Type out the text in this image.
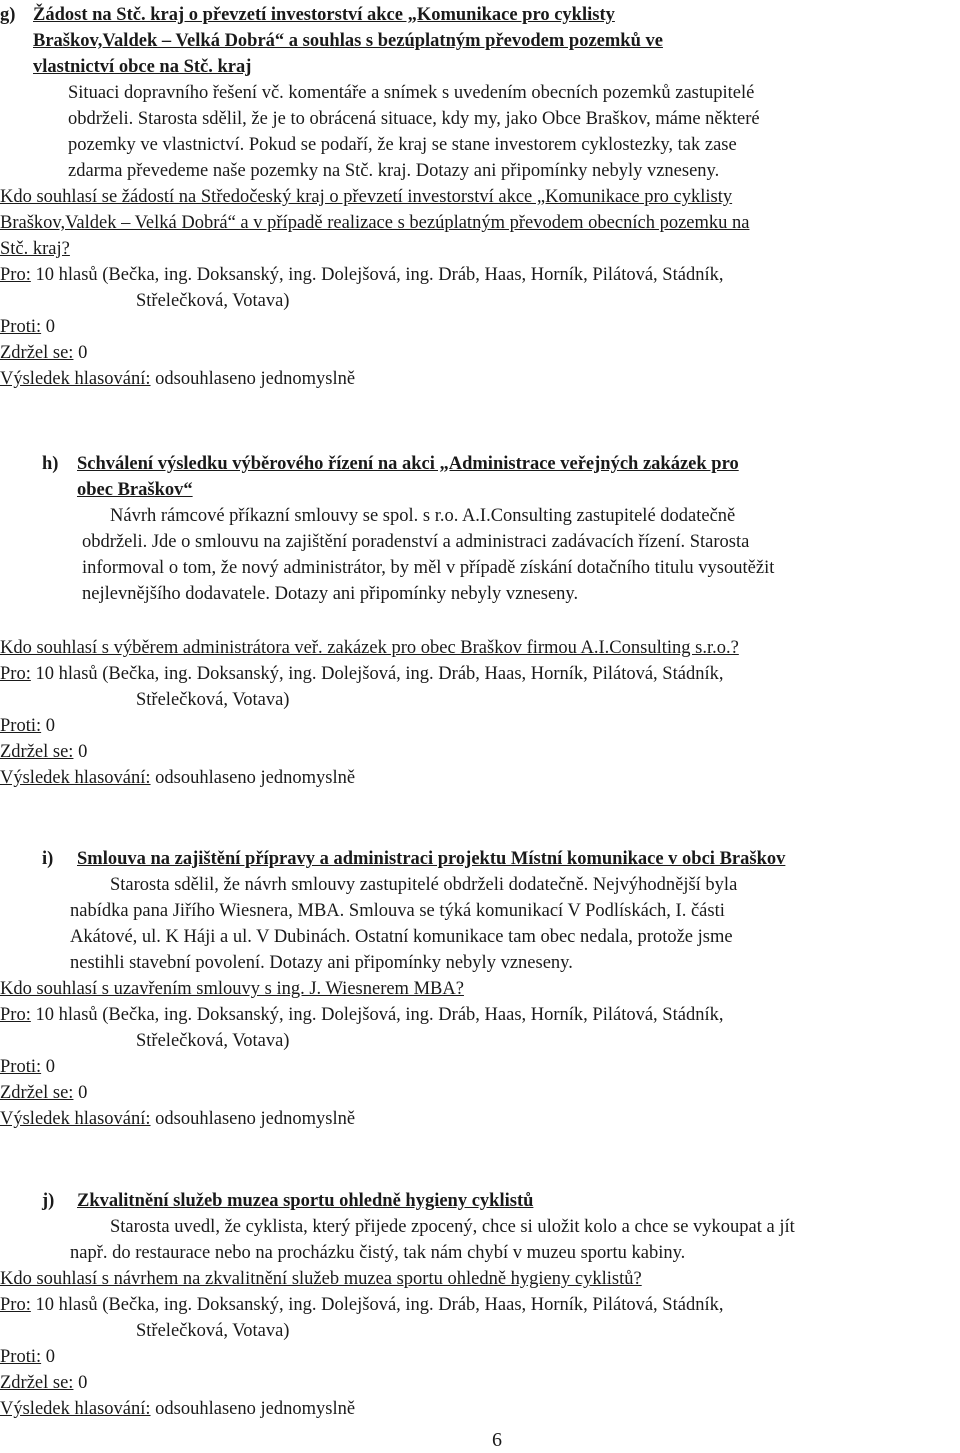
g) Žádost na Stč. kraj o převzetí investorství akce „Komunikace pro cyklisty
Braškov,Valdek – Velká Dobrá“ a souhlas s bezúplatným převodem pozemků ve
vlastnictví obce na Stč. kraj
Situaci dopravního řešení vč. komentáře a snímek s uvedením obecních pozemků zastupitelé
obdrželi. Starosta sdělil, že je to obrácená situace, kdy my, jako Obce Braškov, máme některé
pozemky ve vlastnictví. Pokud se podaří, že kraj se stane investorem cyklostezky, tak zase
zdarma převedeme naše pozemky na Stč. kraj. Dotazy ani připomínky nebyly vzneseny.
Kdo souhlasí se žádostí na Středočeský kraj o převzetí investorství akce „Komunikace pro cyklisty
Braškov,Valdek – Velká Dobrá“ a v případě realizace s bezúplatným převodem obecních pozemku na
Stč. kraj?
Pro: 10 hlasů (Bečka, ing. Doksanský, ing. Dolejšová, ing. Dráb, Haas, Horník, Pilátová, Stádník,
Střelečková, Votava)
Proti: 0
Zdržel se: 0
Výsledek hlasování: odsouhlaseno jednomyslně
h) Schválení výsledku výběrového řízení na akci „Administrace veřejných zakázek pro
obec Braškov“
Návrh rámcové příkazní smlouvy se spol. s r.o. A.I.Consulting zastupitelé dodatečně
obdrželi. Jde o smlouvu na zajištění poradenství a administraci zadávacích řízení. Starosta
informoval o tom, že nový administrátor, by měl v případě získání dotačního titulu vysoutěžit
nejlevnějšího dodavatele. Dotazy ani připomínky nebyly vzneseny.
Kdo souhlasí s výběrem administrátora veř. zakázek pro obec Braškov firmou A.I.Consulting s.r.o.?
Pro: 10 hlasů (Bečka, ing. Doksanský, ing. Dolejšová, ing. Dráb, Haas, Horník, Pilátová, Stádník,
Střelečková, Votava)
Proti: 0
Zdržel se: 0
Výsledek hlasování: odsouhlaseno jednomyslně
i) Smlouva na zajištění přípravy a administraci projektu Místní komunikace v obci Braškov
Starosta sdělil, že návrh smlouvy zastupitelé obdrželi dodatečně. Nejvýhodnější byla
nabídka pana Jiřího Wiesnera, MBA. Smlouva se týká komunikací V Podlískách, I. části
Akátové, ul. K Háji a ul. V Dubinách. Ostatní komunikace tam obec nedala, protože jsme
nestihli stavební povolení. Dotazy ani připomínky nebyly vzneseny.
Kdo souhlasí s uzavřením smlouvy s ing. J. Wiesnerem MBA?
Pro: 10 hlasů (Bečka, ing. Doksanský, ing. Dolejšová, ing. Dráb, Haas, Horník, Pilátová, Stádník,
Střelečková, Votava)
Proti: 0
Zdržel se: 0
Výsledek hlasování: odsouhlaseno jednomyslně
j) Zkvalitnění služeb muzea sportu ohledně hygieny cyklistů
Starosta uvedl, že cyklista, který přijede zpocený, chce si uložit kolo a chce se vykoupat a jít
např. do restaurace nebo na procházku čistý, tak nám chybí v muzeu sportu kabiny.
Kdo souhlasí s návrhem na zkvalitnění služeb muzea sportu ohledně hygieny cyklistů?
Pro: 10 hlasů (Bečka, ing. Doksanský, ing. Dolejšová, ing. Dráb, Haas, Horník, Pilátová, Stádník,
Střelečková, Votava)
Proti: 0
Zdržel se: 0
Výsledek hlasování: odsouhlaseno jednomyslně
6
